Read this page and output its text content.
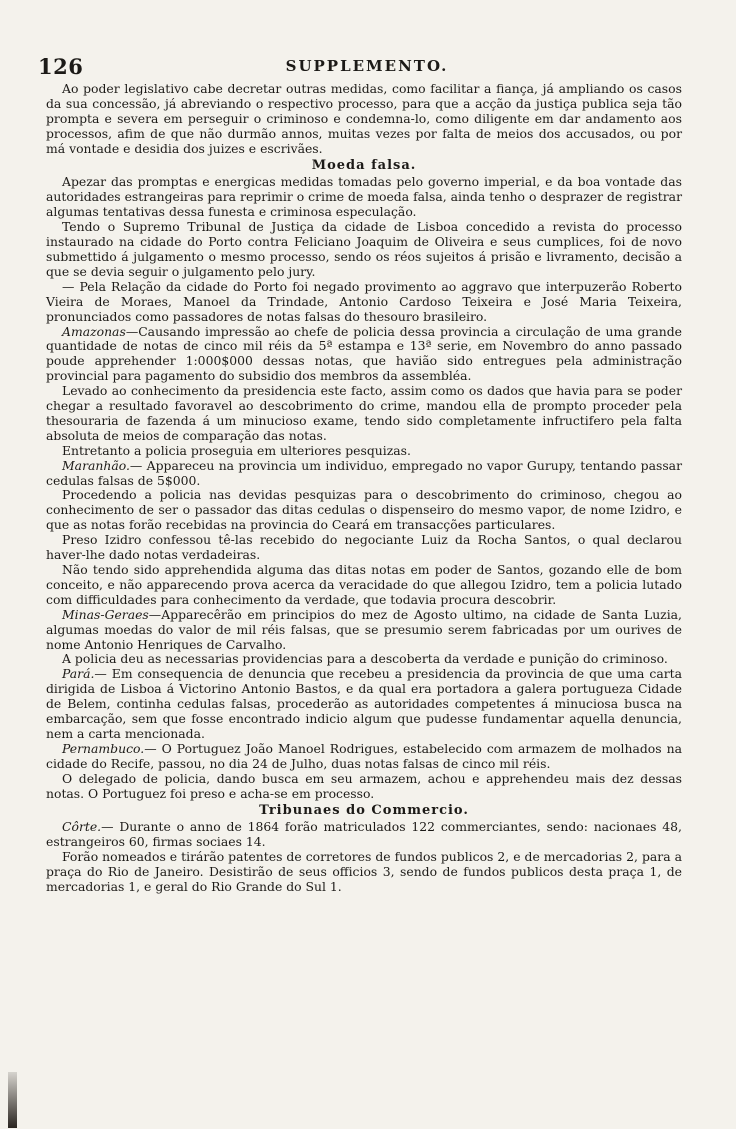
126	SUPPLEMENTO.

Ao poder legislativo cabe decretar outras medidas, como facilitar a fiança, já ampliando os casos da sua concessão, já abreviando o respectivo processo, para que a acção da justiça publica seja tão prompta e severa em perseguir o criminoso e condemna-lo, como diligente em dar andamento aos processos, afim de que não durmão annos, muitas vezes por falta de meios dos accusados, ou por má vontade e desidia dos juizes e escrivães.

Moeda falsa.

Apezar das promptas e energicas medidas tomadas pelo governo imperial, e da boa vontade das autoridades estrangeiras para reprimir o crime de moeda falsa, ainda tenho o desprazer de registrar algumas tentativas dessa funesta e criminosa especulação.

Tendo o Supremo Tribunal de Justiça da cidade de Lisboa concedido a revista do processo instaurado na cidade do Porto contra Feliciano Joaquim de Oliveira e seus cumplices, foi de novo submettido á julgamento o mesmo processo, sendo os réos sujeitos á prisão e livramento, decisão a que se devia seguir o julgamento pelo jury.

— Pela Relação da cidade do Porto foi negado provimento ao aggravo que interpuzerão Roberto Vieira de Moraes, Manoel da Trindade, Antonio Cardoso Teixeira e José Maria Teixeira, pronunciados como passadores de notas falsas do thesouro brasileiro.

Amazonas—Causando impressão ao chefe de policia dessa provincia a circulação de uma grande quantidade de notas de cinco mil réis da 5ª estampa e 13ª serie, em Novembro do anno passado poude apprehender 1:000$000 dessas notas, que havião sido entregues pela administração provincial para pagamento do subsidio dos membros da assembléa.

Levado ao conhecimento da presidencia este facto, assim como os dados que havia para se poder chegar a resultado favoravel ao descobrimento do crime, mandou ella de prompto proceder pela thesouraria de fazenda á um minucioso exame, tendo sido completamente infructifero pela falta absoluta de meios de comparação das notas.

Entretanto a policia proseguia em ulteriores pesquizas.

Maranhão.— Appareceu na provincia um individuo, empregado no vapor Gurupy, tentando passar cedulas falsas de 5$000.

Procedendo a policia nas devidas pesquizas para o descobrimento do criminoso, chegou ao conhecimento de ser o passador das ditas cedulas o dispenseiro do mesmo vapor, de nome Izidro, e que as notas forão recebidas na provincia do Ceará em transacções particulares.

Preso Izidro confessou tê-las recebido do negociante Luiz da Rocha Santos, o qual declarou haver-lhe dado notas verdadeiras.

Não tendo sido apprehendida alguma das ditas notas em poder de Santos, gozando elle de bom conceito, e não apparecendo prova acerca da veracidade do que allegou Izidro, tem a policia lutado com difficuldades para conhecimento da verdade, que todavia procura descobrir.

Minas-Geraes—Apparecêrão em principios do mez de Agosto ultimo, na cidade de Santa Luzia, algumas moedas do valor de mil réis falsas, que se presumio serem fabricadas por um ourives de nome Antonio Henriques de Carvalho.

A policia deu as necessarias providencias para a descoberta da verdade e punição do criminoso.

Pará.— Em consequencia de denuncia que recebeu a presidencia da provincia de que uma carta dirigida de Lisboa á Victorino Antonio Bastos, e da qual era portadora a galera portugueza Cidade de Belem, continha cedulas falsas, procederão as autoridades competentes á minuciosa busca na embarcação, sem que fosse encontrado indicio algum que pudesse fundamentar aquella denuncia, nem a carta mencionada.

Pernambuco.— O Portuguez João Manoel Rodrigues, estabelecido com armazem de molhados na cidade do Recife, passou, no dia 24 de Julho, duas notas falsas de cinco mil réis.

O delegado de policia, dando busca em seu armazem, achou e apprehendeu mais dez dessas notas. O Portuguez foi preso e acha-se em processo.

Tribunaes do Commercio.

Côrte.— Durante o anno de 1864 forão matriculados 122 commerciantes, sendo: nacionaes 48, estrangeiros 60, firmas sociaes 14.

Forão nomeados e tirárão patentes de corretores de fundos publicos 2, e de mercadorias 2, para a praça do Rio de Janeiro. Desistirão de seus officios 3, sendo de fundos publicos desta praça 1, de mercadorias 1, e geral do Rio Grande do Sul 1.
